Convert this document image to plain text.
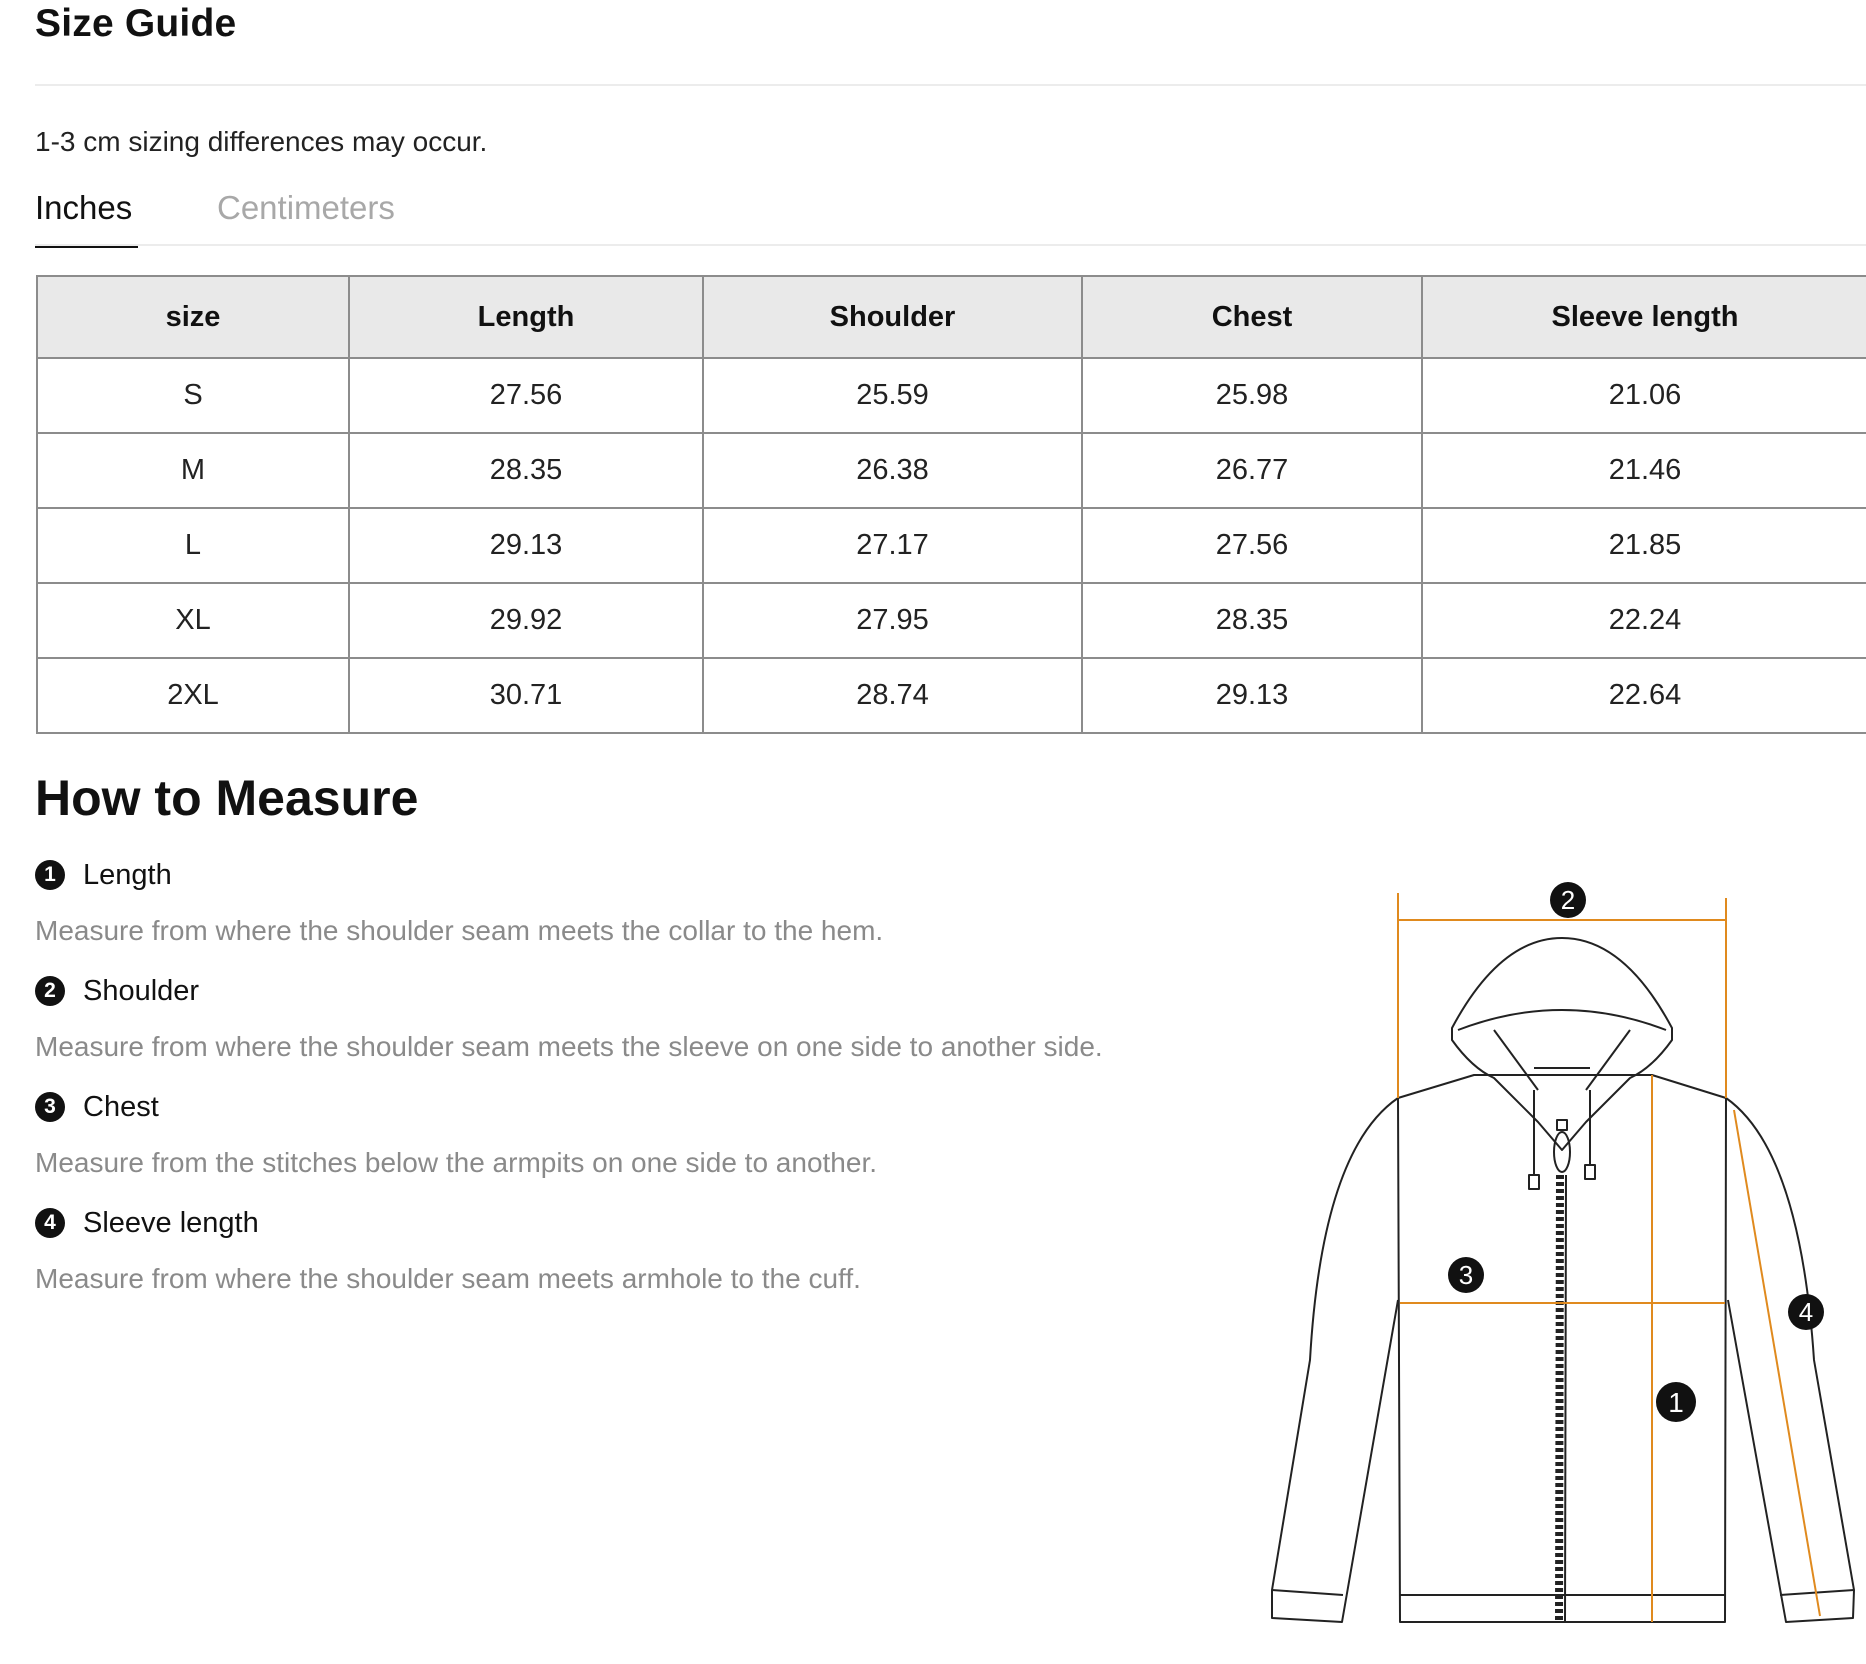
Size Guide
1-3 cm sizing differences may occur.
Inches	Centimeters
size	Length	Shoulder	Chest	Sleeve length
S	27.56	25.59	25.98	21.06
M	28.35	26.38	26.77	21.46
L	29.13	27.17	27.56	21.85
XL	29.92	27.95	28.35	22.24
2XL	30.71	28.74	29.13	22.64
How to Measure
1 Length
Measure from where the shoulder seam meets the collar to the hem.
2 Shoulder
Measure from where the shoulder seam meets the sleeve on one side to another side.
3 Chest
Measure from the stitches below the armpits on one side to another.
4 Sleeve length
Measure from where the shoulder seam meets armhole to the cuff.
2
3
1
4
